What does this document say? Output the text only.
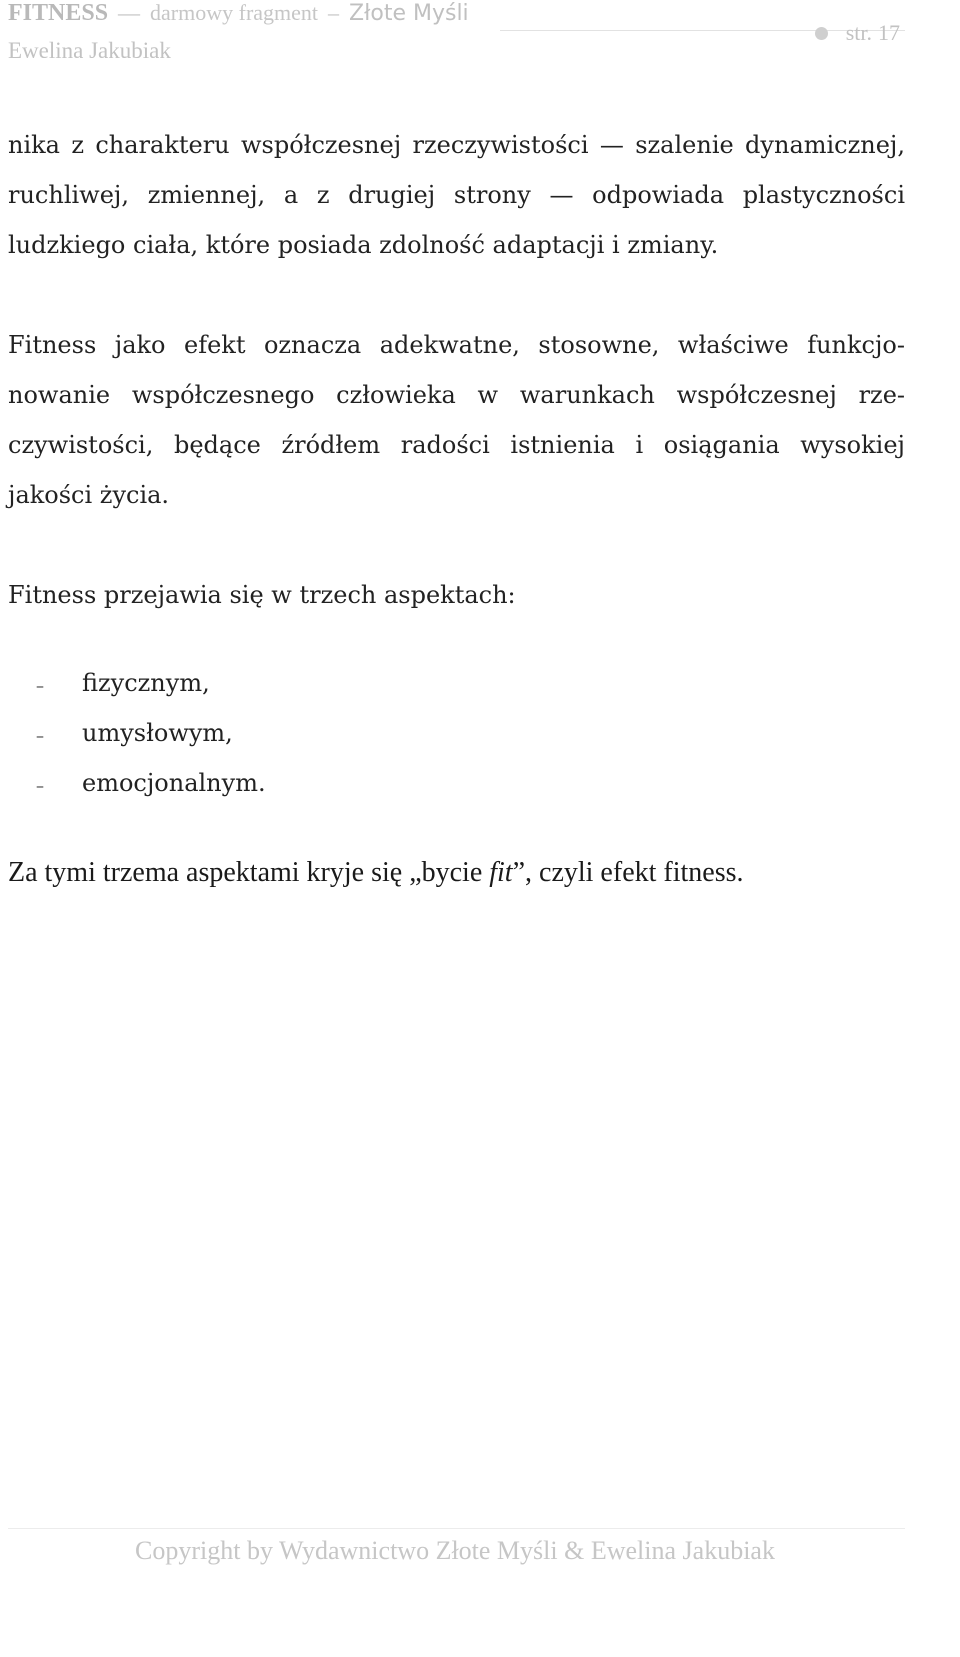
FITNESS — darmowy fragment – Złote Myśli
Ewelina Jakubiak
str. 17

nika z charakteru współczesnej rzeczywistości — szalenie dynamicznej, ruchliwej, zmiennej, a z drugiej strony — odpowiada plastyczności ludzkiego ciała, które posiada zdolność adaptacji i zmiany.

Fitness jako efekt oznacza adekwatne, stosowne, właściwe funkcjonowanie współczesnego człowieka w warunkach współczesnej rzeczywistości, będące źródłem radości istnienia i osiągania wysokiej jakości życia.

Fitness przejawia się w trzech aspektach:

–	fizycznym,
–	umysłowym,
–	emocjonalnym.
Za tymi trzema aspektami kryje się „bycie fit”, czyli efekt fitness.
Copyright by Wydawnictwo Złote Myśli & Ewelina Jakubiak
